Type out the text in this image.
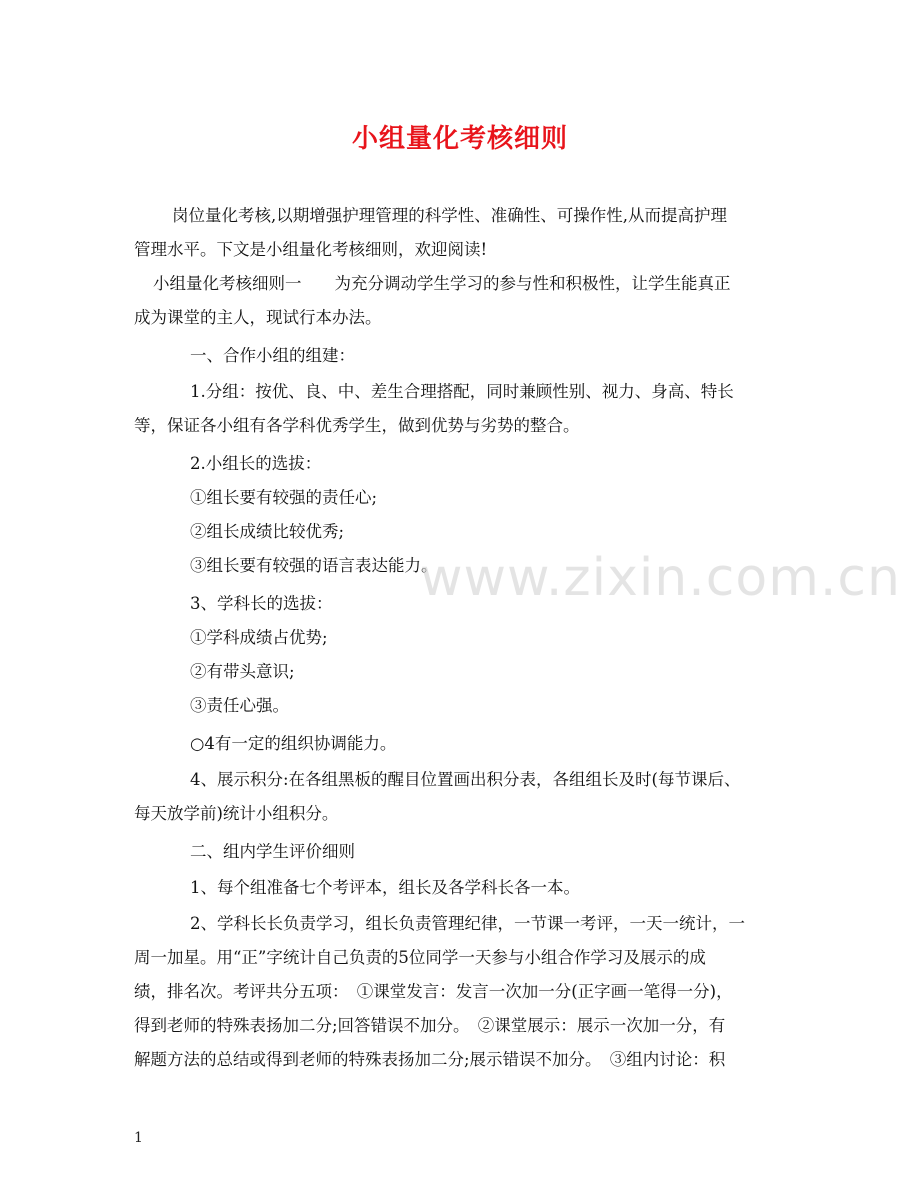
小组量化考核细则
岗位量化考核,以期增强护理管理的科学性、准确性、可操作性,从而提高护理
管理水平。下文是小组量化考核细则，欢迎阅读!
小组量化考核细则一　　为充分调动学生学习的参与性和积极性，让学生能真正
成为课堂的主人，现试行本办法。
一、合作小组的组建：
1.分组：按优、良、中、差生合理搭配，同时兼顾性别、视力、身高、特长
等，保证各小组有各学科优秀学生，做到优势与劣势的整合。
2.小组长的选拔：
①组长要有较强的责任心;
②组长成绩比较优秀;
③组长要有较强的语言表达能力。
3、学科长的选拔：
①学科成绩占优势;
②有带头意识;
③责任心强。
○4有一定的组织协调能力。
4、展示积分:在各组黑板的醒目位置画出积分表，各组组长及时(每节课后、
每天放学前)统计小组积分。
二、组内学生评价细则
1、每个组准备七个考评本，组长及各学科长各一本。
2、学科长长负责学习，组长负责管理纪律，一节课一考评，一天一统计，一
周一加星。用“正”字统计自己负责的5位同学一天参与小组合作学习及展示的成
绩，排名次。考评共分五项：　①课堂发言：发言一次加一分(正字画一笔得一分)，
得到老师的特殊表扬加二分;回答错误不加分。　②课堂展示：展示一次加一分，有
解题方法的总结或得到老师的特殊表扬加二分;展示错误不加分。　③组内讨论：积
www.zixin.com.cn
1
